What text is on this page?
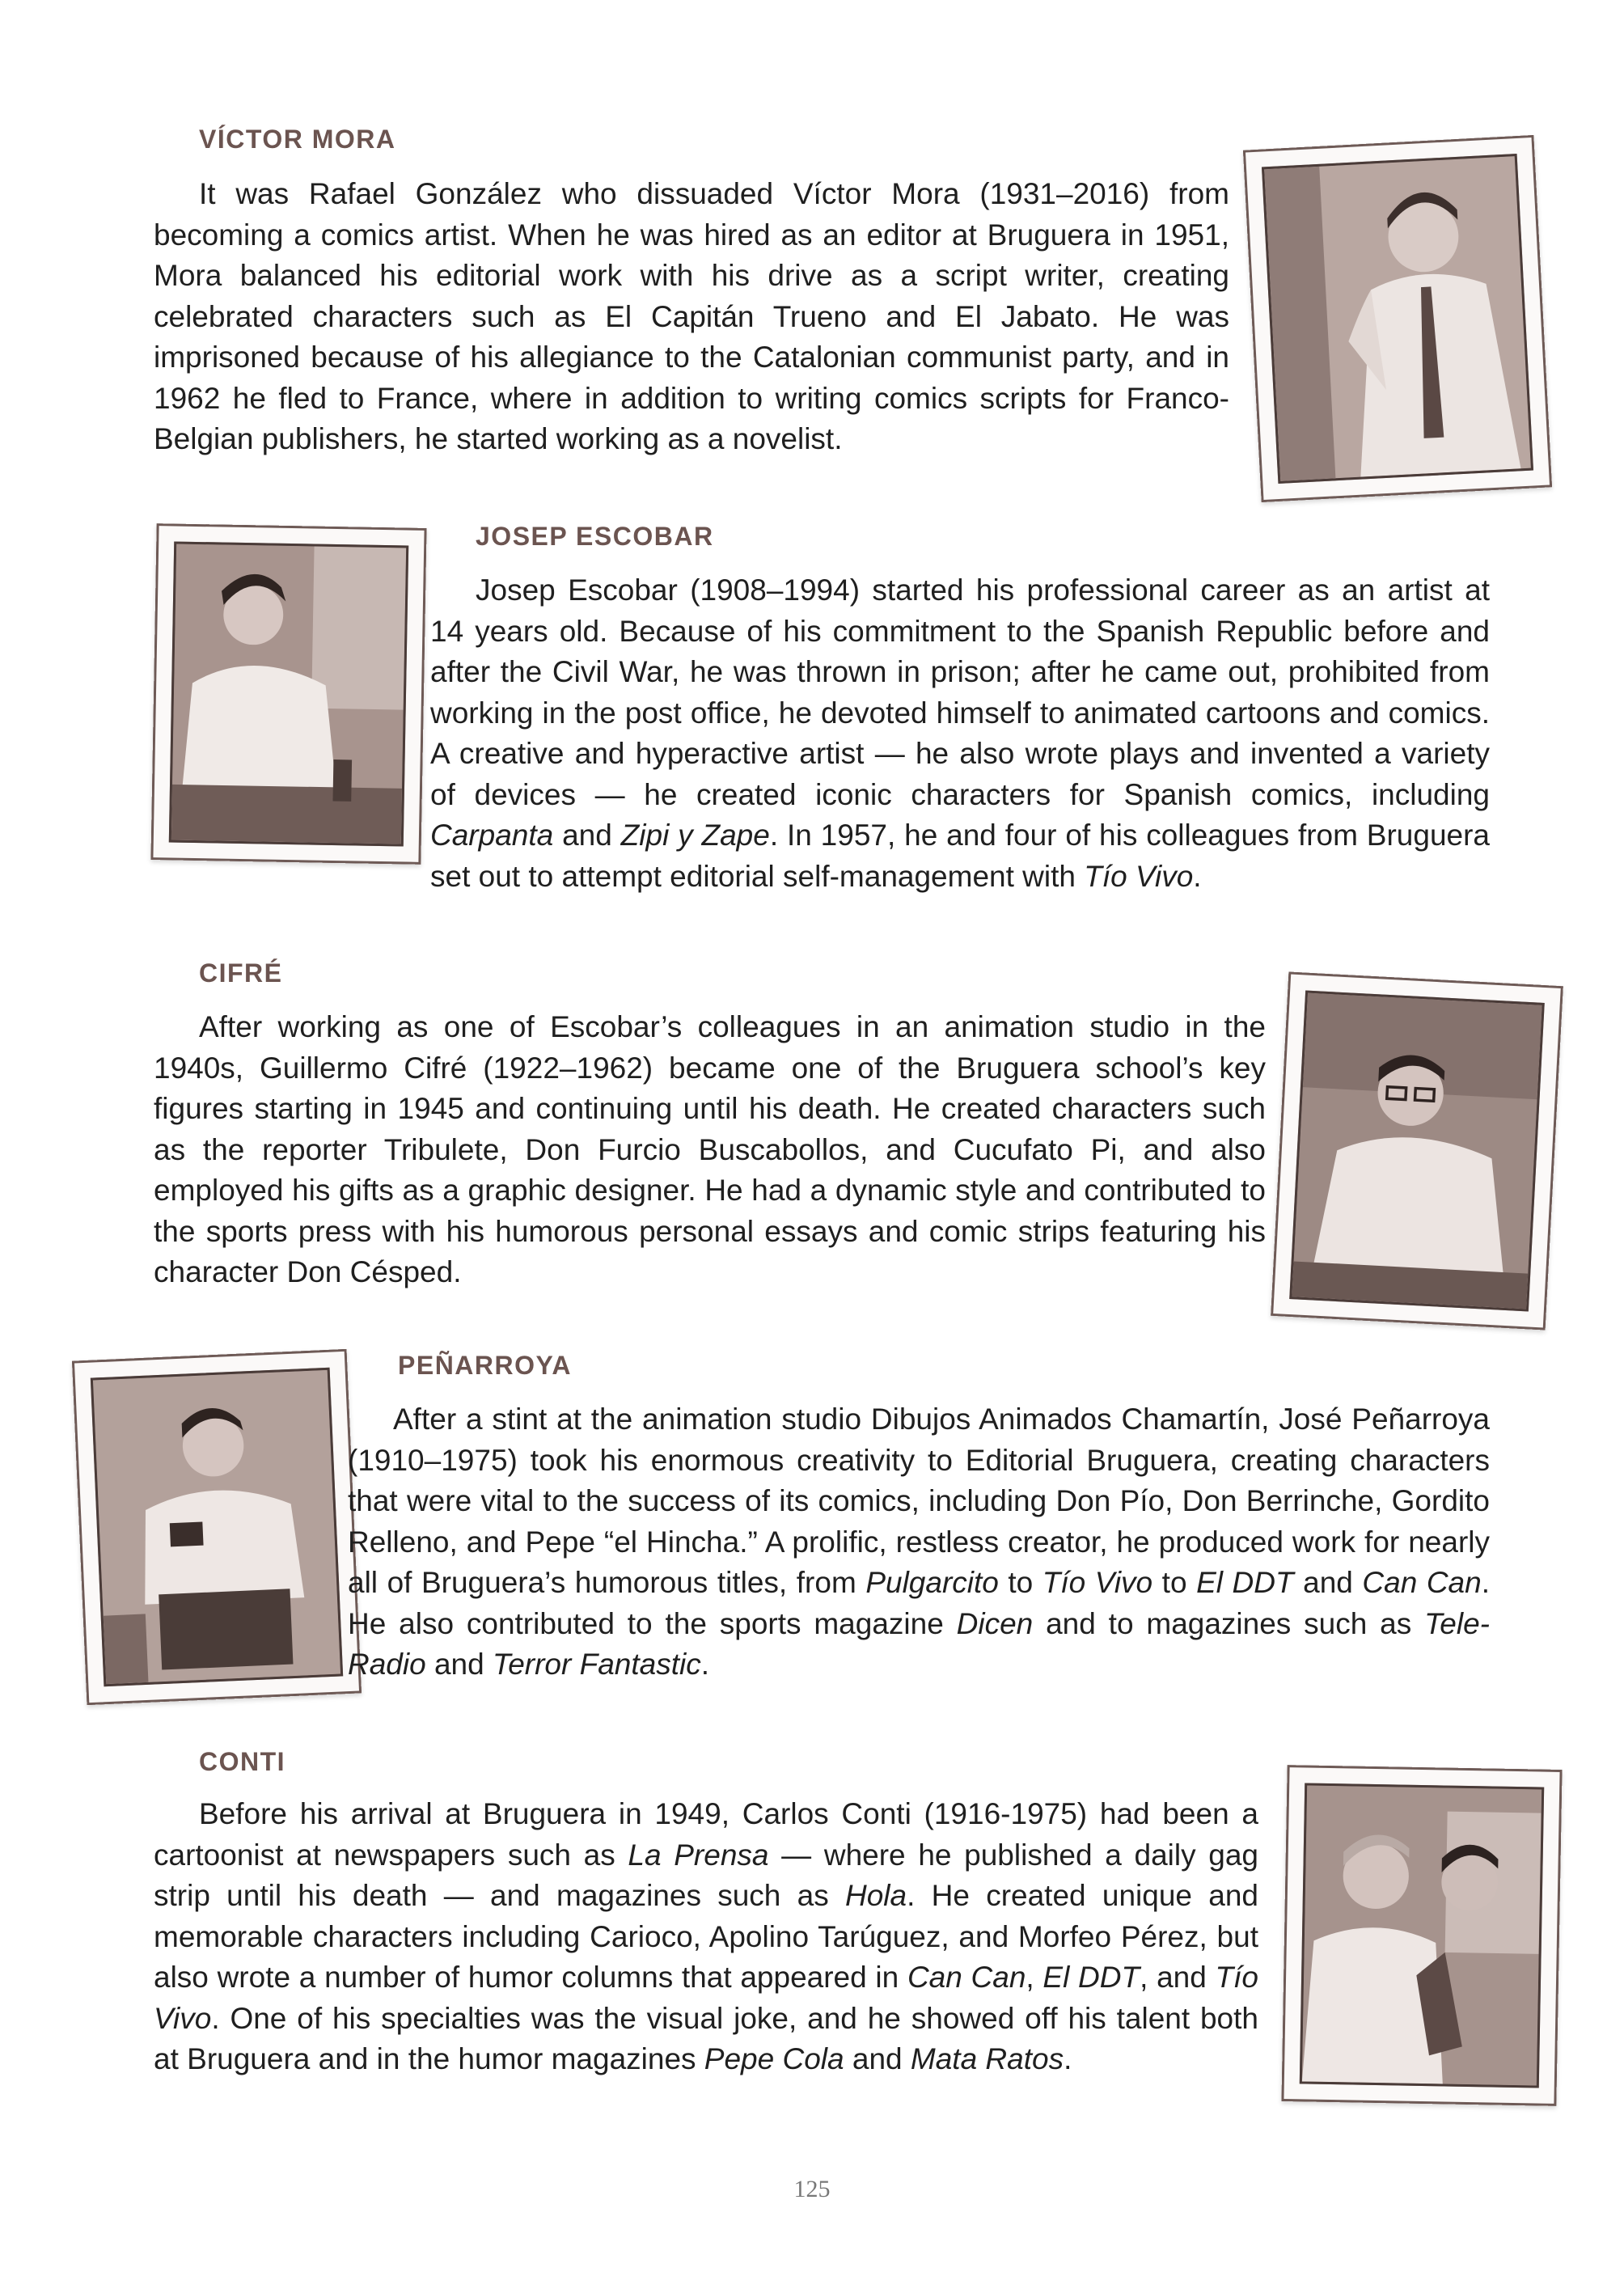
VÍCTOR MORA

It was Rafael González who dissuaded Víctor Mora (1931–2016) from becoming a comics artist. When he was hired as an editor at Bruguera in 1951, Mora balanced his editorial work with his drive as a script writer, creating celebrated characters such as El Capitán Trueno and El Jabato. He was imprisoned because of his allegiance to the Catalonian communist party, and in 1962 he fled to France, where in addition to writing comics scripts for Franco-Belgian publishers, he started working as a novelist.

JOSEP ESCOBAR

Josep Escobar (1908–1994) started his professional career as an artist at 14 years old. Because of his commitment to the Spanish Republic before and after the Civil War, he was thrown in prison; after he came out, prohibited from working in the post office, he devoted himself to animated cartoons and comics. A creative and hyperactive artist — he also wrote plays and invented a variety of devices — he created iconic characters for Spanish comics, including Carpanta and Zipi y Zape. In 1957, he and four of his colleagues from Bruguera set out to attempt editorial self-management with Tío Vivo.

CIFRÉ

After working as one of Escobar’s colleagues in an animation studio in the 1940s, Guillermo Cifré (1922–1962) became one of the Bruguera school’s key figures starting in 1945 and continuing until his death. He created characters such as the reporter Tribulete, Don Furcio Buscabollos, and Cucufato Pi, and also employed his gifts as a graphic designer. He had a dynamic style and contributed to the sports press with his humorous personal essays and comic strips featuring his character Don Césped.

PEÑARROYA

After a stint at the animation studio Dibujos Animados Chamartín, José Peñarroya (1910–1975) took his enormous creativity to Editorial Bruguera, creating characters that were vital to the success of its comics, including Don Pío, Don Berrinche, Gordito Relleno, and Pepe “el Hincha.” A prolific, restless creator, he produced work for nearly all of Bruguera’s humorous titles, from Pulgarcito to Tío Vivo to El DDT and Can Can. He also contributed to the sports magazine Dicen and to magazines such as Tele-Radio and Terror Fantastic.

CONTI

Before his arrival at Bruguera in 1949, Carlos Conti (1916-1975) had been a cartoonist at newspapers such as La Prensa — where he published a daily gag strip until his death — and magazines such as Hola. He created unique and memorable characters including Carioco, Apolino Tarúguez, and Morfeo Pérez, but also wrote a number of humor columns that appeared in Can Can, El DDT, and Tío Vivo. One of his specialties was the visual joke, and he showed off his talent both at Bruguera and in the humor magazines Pepe Cola and Mata Ratos.

125
